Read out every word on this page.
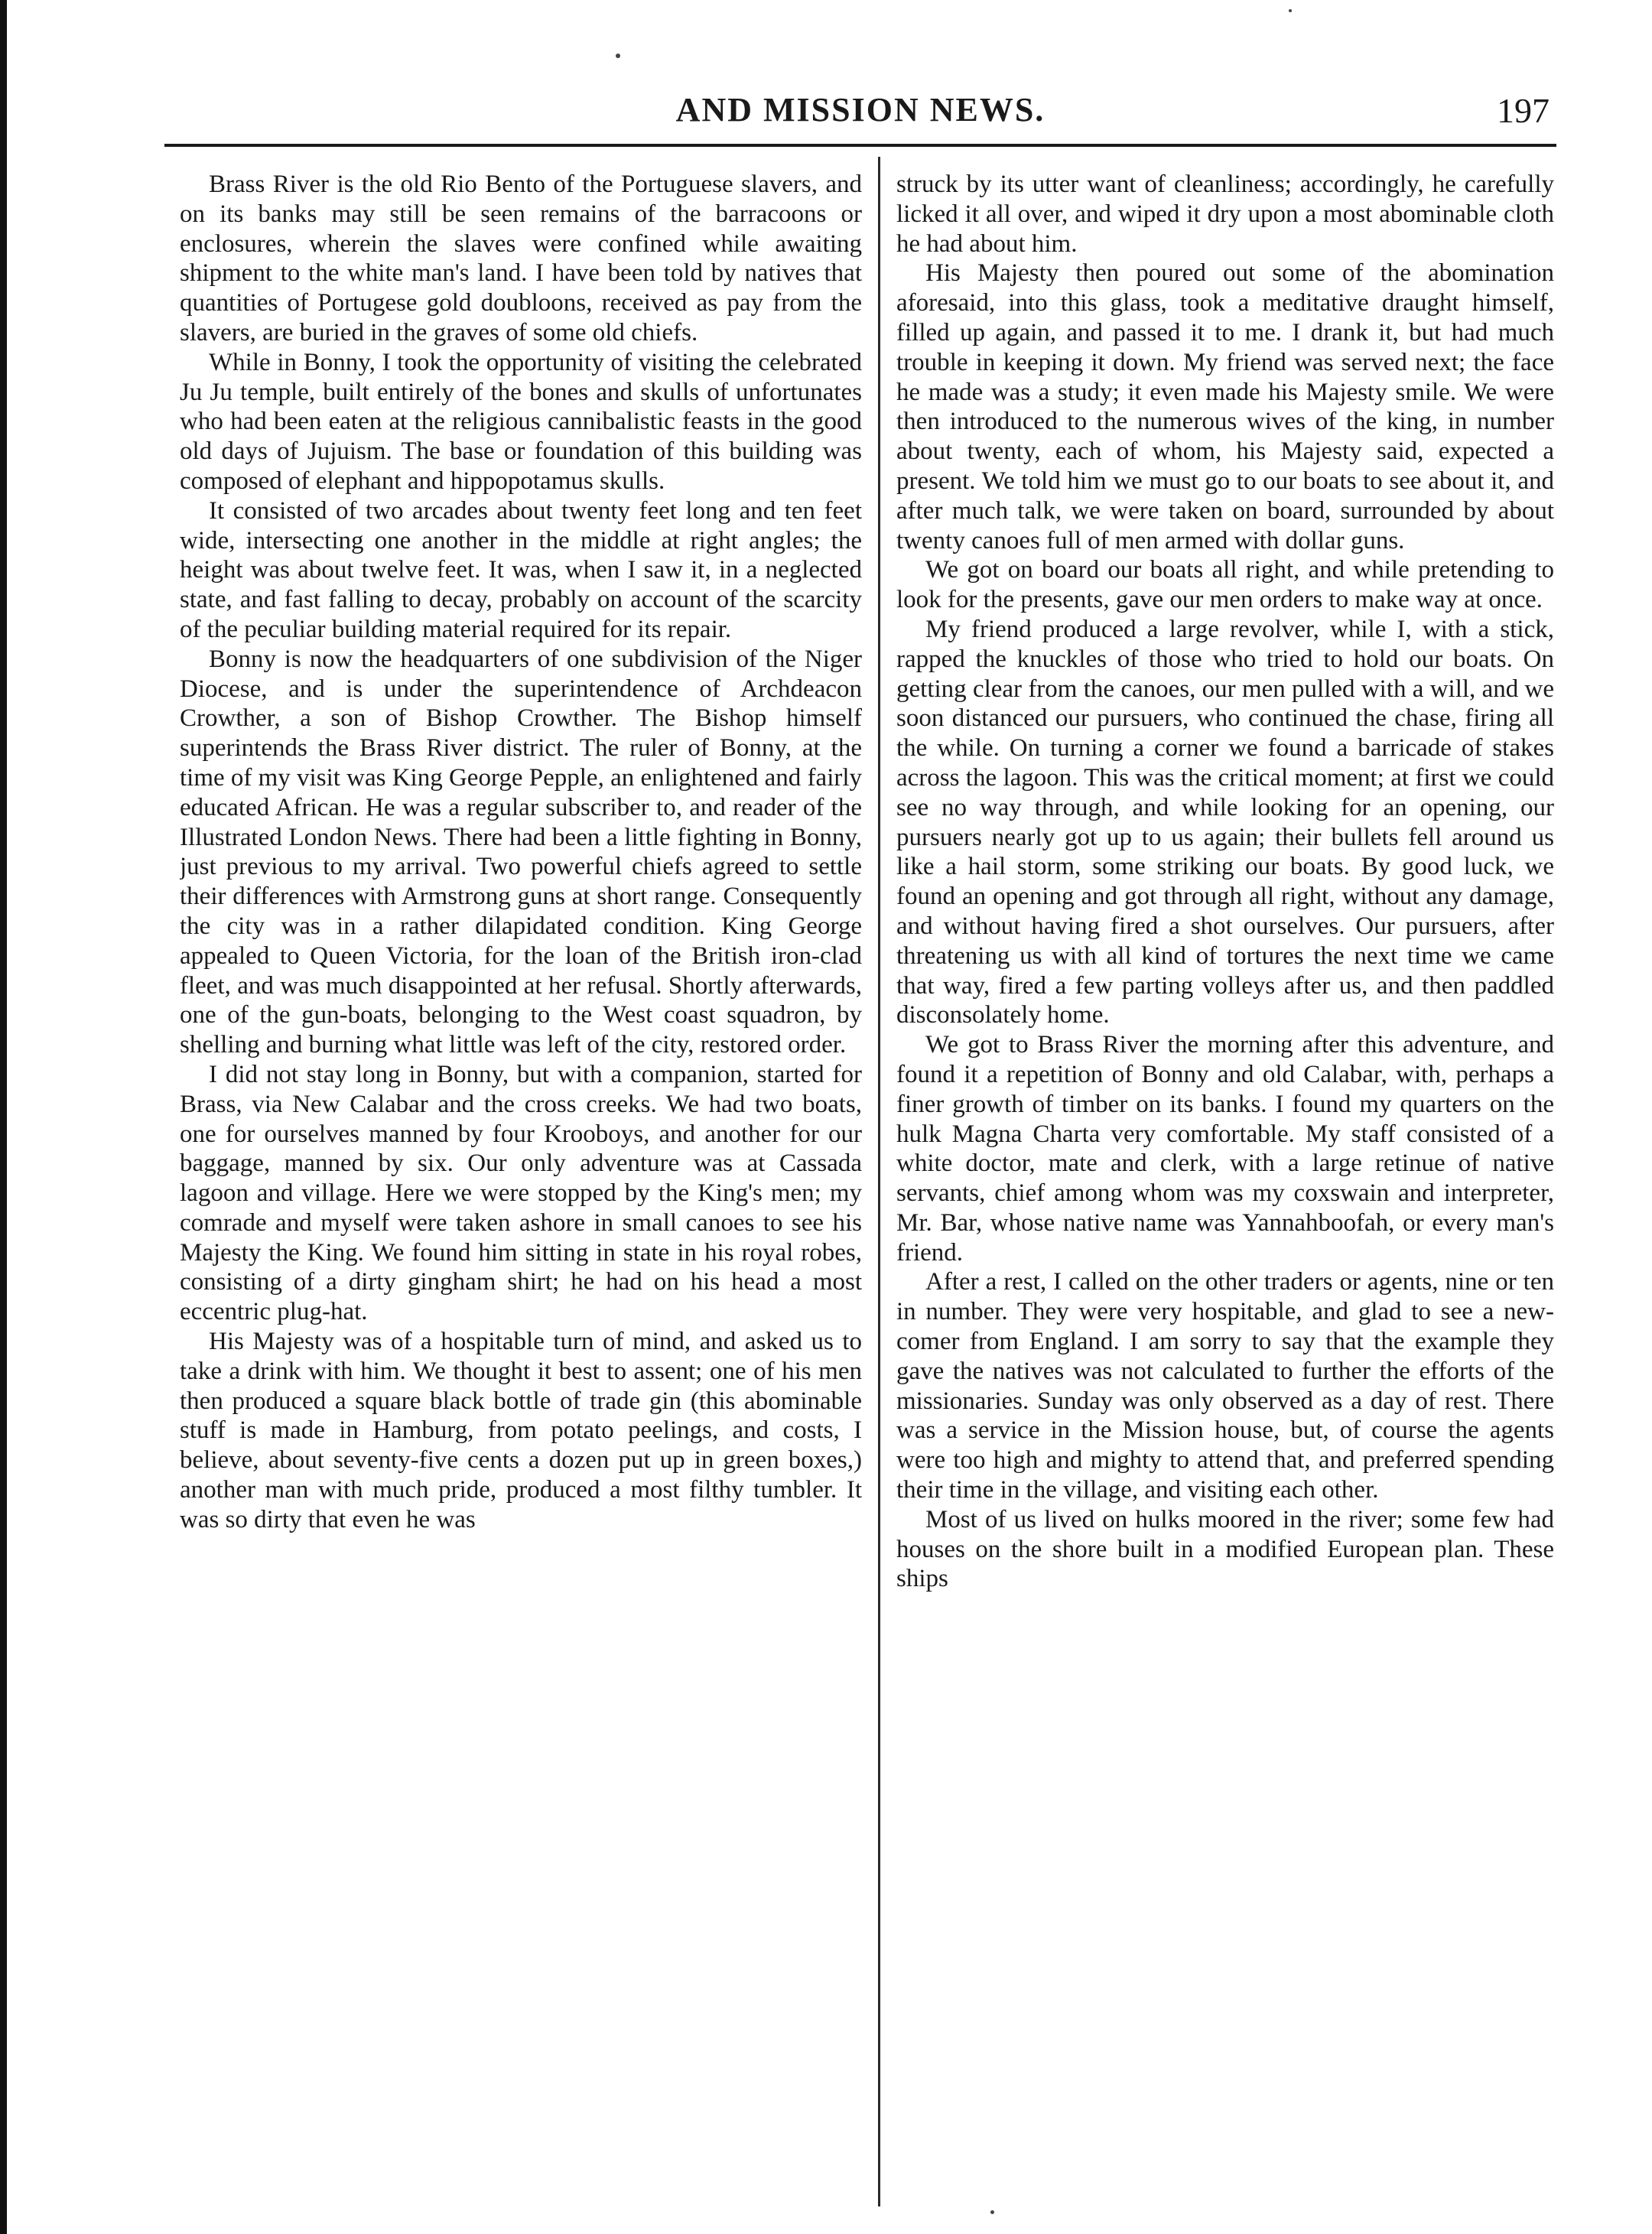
AND MISSION NEWS.	197

Brass River is the old Rio Bento of the Portuguese slavers, and on its banks may still be seen remains of the barracoons or enclosures, wherein the slaves were confined while awaiting shipment to the white man's land. I have been told by natives that quantities of Portugese gold doubloons, received as pay from the slavers, are buried in the graves of some old chiefs.

While in Bonny, I took the opportunity of visiting the celebrated Ju Ju temple, built entirely of the bones and skulls of unfortunates who had been eaten at the religious cannibalistic feasts in the good old days of Jujuism. The base or foundation of this building was composed of elephant and hippopotamus skulls.

It consisted of two arcades about twenty feet long and ten feet wide, intersecting one another in the middle at right angles; the height was about twelve feet. It was, when I saw it, in a neglected state, and fast falling to decay, probably on account of the scarcity of the peculiar building material required for its repair.

Bonny is now the headquarters of one subdivision of the Niger Diocese, and is under the superintendence of Archdeacon Crowther, a son of Bishop Crowther. The Bishop himself superintends the Brass River district. The ruler of Bonny, at the time of my visit was King George Pepple, an enlightened and fairly educated African. He was a regular subscriber to, and reader of the Illustrated London News. There had been a little fighting in Bonny, just previous to my arrival. Two powerful chiefs agreed to settle their differences with Armstrong guns at short range. Consequently the city was in a rather dilapidated condition. King George appealed to Queen Victoria, for the loan of the British iron-clad fleet, and was much disappointed at her refusal. Shortly afterwards, one of the gun-boats, belonging to the West coast squadron, by shelling and burning what little was left of the city, restored order.

I did not stay long in Bonny, but with a companion, started for Brass, via New Calabar and the cross creeks. We had two boats, one for ourselves manned by four Krooboys, and another for our baggage, manned by six. Our only adventure was at Cassada lagoon and village. Here we were stopped by the King's men; my comrade and myself were taken ashore in small canoes to see his Majesty the King. We found him sitting in state in his royal robes, consisting of a dirty gingham shirt; he had on his head a most eccentric plug-hat.

His Majesty was of a hospitable turn of mind, and asked us to take a drink with him. We thought it best to assent; one of his men then produced a square black bottle of trade gin (this abominable stuff is made in Hamburg, from potato peelings, and costs, I believe, about seventy-five cents a dozen put up in green boxes,) another man with much pride, produced a most filthy tumbler. It was so dirty that even he was

struck by its utter want of cleanliness; accordingly, he carefully licked it all over, and wiped it dry upon a most abominable cloth he had about him.

His Majesty then poured out some of the abomination aforesaid, into this glass, took a meditative draught himself, filled up again, and passed it to me. I drank it, but had much trouble in keeping it down. My friend was served next; the face he made was a study; it even made his Majesty smile. We were then introduced to the numerous wives of the king, in number about twenty, each of whom, his Majesty said, expected a present. We told him we must go to our boats to see about it, and after much talk, we were taken on board, surrounded by about twenty canoes full of men armed with dollar guns.

We got on board our boats all right, and while pretending to look for the presents, gave our men orders to make way at once.

My friend produced a large revolver, while I, with a stick, rapped the knuckles of those who tried to hold our boats. On getting clear from the canoes, our men pulled with a will, and we soon distanced our pursuers, who continued the chase, firing all the while. On turning a corner we found a barricade of stakes across the lagoon. This was the critical moment; at first we could see no way through, and while looking for an opening, our pursuers nearly got up to us again; their bullets fell around us like a hail storm, some striking our boats. By good luck, we found an opening and got through all right, without any damage, and without having fired a shot ourselves. Our pursuers, after threatening us with all kind of tortures the next time we came that way, fired a few parting volleys after us, and then paddled disconsolately home.

We got to Brass River the morning after this adventure, and found it a repetition of Bonny and old Calabar, with, perhaps a finer growth of timber on its banks. I found my quarters on the hulk Magna Charta very comfortable. My staff consisted of a white doctor, mate and clerk, with a large retinue of native servants, chief among whom was my coxswain and interpreter, Mr. Bar, whose native name was Yannahboofah, or every man's friend.

After a rest, I called on the other traders or agents, nine or ten in number. They were very hospitable, and glad to see a new-comer from England. I am sorry to say that the example they gave the natives was not calculated to further the efforts of the missionaries. Sunday was only observed as a day of rest. There was a service in the Mission house, but, of course the agents were too high and mighty to attend that, and preferred spending their time in the village, and visiting each other.

Most of us lived on hulks moored in the river; some few had houses on the shore built in a modified European plan. These ships
